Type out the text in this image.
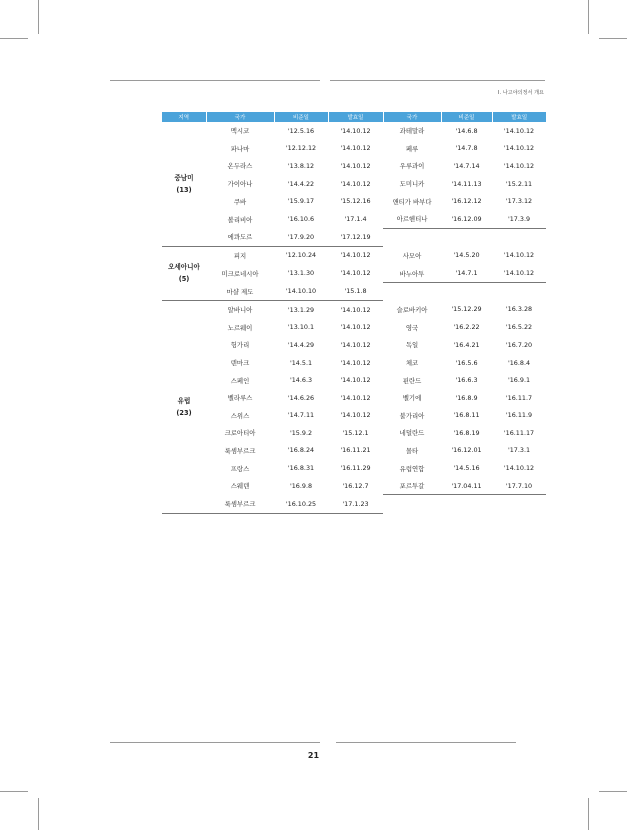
Ⅰ. 나고야의정서 개요
지역	국가	비준일	발효일	국가	비준일	발효일
중남미
(13)	멕시코	'12.5.16	'14.10.12	과테말라	'14.6.8	'14.10.12
	파나마	'12.12.12	'14.10.12	페루	'14.7.8	'14.10.12
	온두라스	'13.8.12	'14.10.12	우루과이	'14.7.14	'14.10.12
	가이아나	'14.4.22	'14.10.12	도미니카	'14.11.13	'15.2.11
	쿠바	'15.9.17	'15.12.16	앤티가 바부다	'16.12.12	'17.3.12
	볼리비아	'16.10.6	'17.1.4	아르헨티나	'16.12.09	'17.3.9
	에콰도르	'17.9.20	'17.12.19			
오세아니아
(5)	피지	'12.10.24	'14.10.12	사모아	'14.5.20	'14.10.12
	미크로네시아	'13.1.30	'14.10.12	바누아투	'14.7.1	'14.10.12
	마샬 제도	'14.10.10	'15.1.8			
유럽
(23)	알바니아	'13.1.29	'14.10.12	슬로바키아	'15.12.29	'16.3.28
	노르웨이	'13.10.1	'14.10.12	영국	'16.2.22	'16.5.22
	헝가리	'14.4.29	'14.10.12	독일	'16.4.21	'16.7.20
	덴마크	'14.5.1	'14.10.12	체코	'16.5.6	'16.8.4
	스페인	'14.6.3	'14.10.12	핀란드	'16.6.3	'16.9.1
	벨라루스	'14.6.26	'14.10.12	벨기에	'16.8.9	'16.11.7
	스위스	'14.7.11	'14.10.12	불가리아	'16.8.11	'16.11.9
	크로아티아	'15.9.2	'15.12.1	네덜란드	'16.8.19	'16.11.17
	룩셈부르크	'16.8.24	'16.11.21	몰타	'16.12.01	'17.3.1
	프랑스	'16.8.31	'16.11.29	유럽연합	'14.5.16	'14.10.12
	스웨덴	'16.9.8	'16.12.7	포르투갈	'17.04.11	'17.7.10
	룩셈부르크	'16.10.25	'17.1.23			
21
